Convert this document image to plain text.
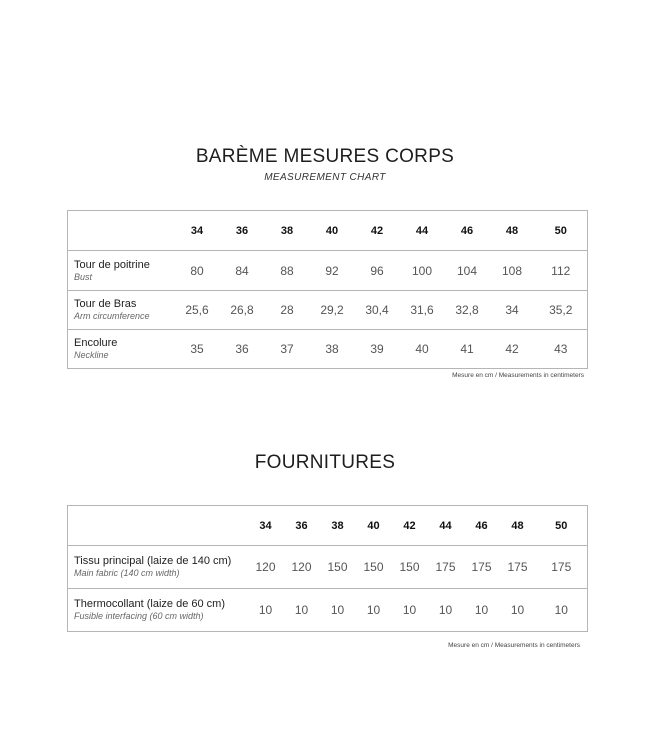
BARÈME MESURES CORPS
MEASUREMENT CHART
	34	36	38	40	42	44	46	48	50

Tour de poitrine
Bust	80	84	88	92	96	100	104	108	112

Tour de Bras
Arm circumference	25,6	26,8	28	29,2	30,4	31,6	32,8	34	35,2

Encolure
Neckline	35	36	37	38	39	40	41	42	43
Mesure en cm / Measurements in centimeters
FOURNITURES
	34	36	38	40	42	44	46	48	50

Tissu principal (laize de 140 cm)
Main fabric (140 cm width)	120	120	150	150	150	175	175	175	175

Thermocollant (laize de 60 cm)
Fusible interfacing (60 cm width)	10	10	10	10	10	10	10	10	10
Mesure en cm / Measurements in centimeters
